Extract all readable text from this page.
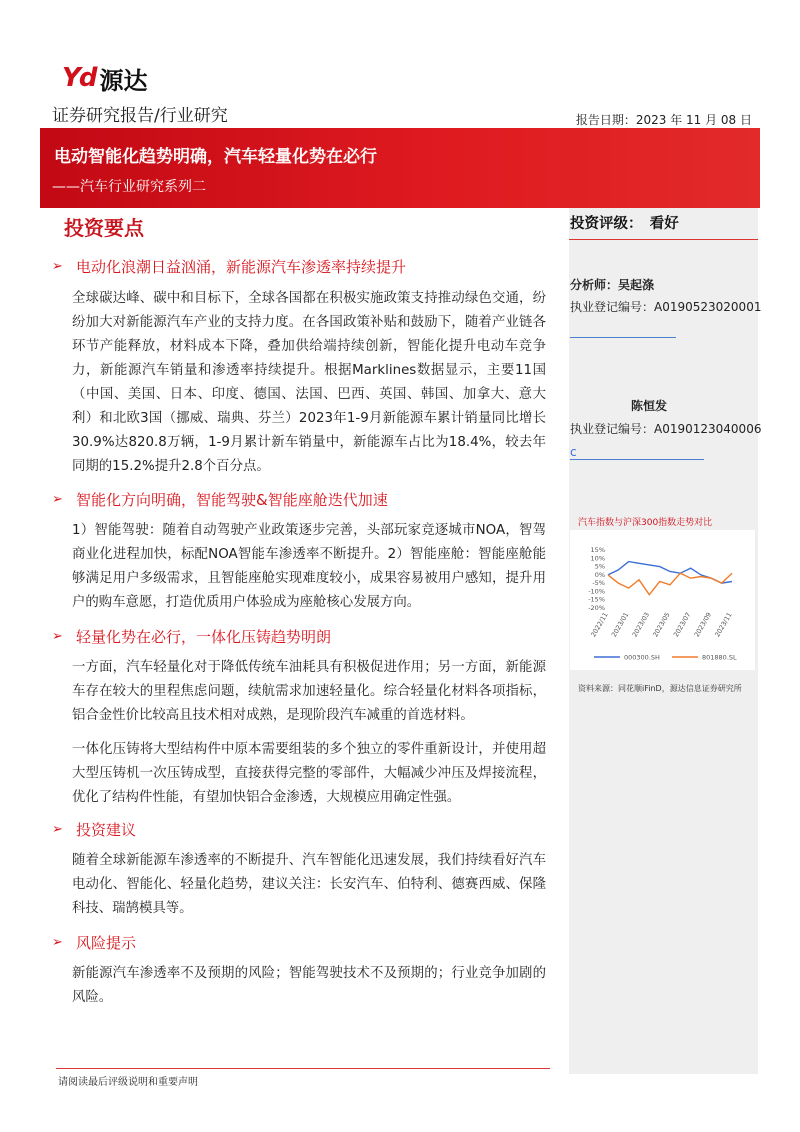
Yd 源达
证券研究报告/行业研究	报告日期：2023 年 11 月 08 日
电动智能化趋势明确，汽车轻量化势在必行
——汽车行业研究系列二
投资要点
➢ 电动化浪潮日益汹涌，新能源汽车渗透率持续提升

全球碳达峰、碳中和目标下，全球各国都在积极实施政策支持推动绿色交通，纷纷加大对新能源汽车产业的支持力度。在各国政策补贴和鼓励下，随着产业链各环节产能释放，材料成本下降，叠加供给端持续创新，智能化提升电动车竞争力，新能源汽车销量和渗透率持续提升。根据Marklines数据显示，主要11国（中国、美国、日本、印度、德国、法国、巴西、英国、韩国、加拿大、意大利）和北欧3国（挪威、瑞典、芬兰）2023年1-9月新能源车累计销量同比增长30.9%达820.8万辆，1-9月累计新车销量中，新能源车占比为18.4%，较去年同期的15.2%提升2.8个百分点。

➢ 智能化方向明确，智能驾驶&智能座舱迭代加速

1）智能驾驶：随着自动驾驶产业政策逐步完善，头部玩家竞逐城市NOA，智驾商业化进程加快，标配NOA智能车渗透率不断提升。2）智能座舱：智能座舱能够满足用户多级需求，且智能座舱实现难度较小，成果容易被用户感知，提升用户的购车意愿，打造优质用户体验成为座舱核心发展方向。

➢ 轻量化势在必行，一体化压铸趋势明朗

一方面，汽车轻量化对于降低传统车油耗具有积极促进作用；另一方面，新能源车存在较大的里程焦虑问题，续航需求加速轻量化。综合轻量化材料各项指标，铝合金性价比较高且技术相对成熟，是现阶段汽车减重的首选材料。

一体化压铸将大型结构件中原本需要组装的多个独立的零件重新设计，并使用超大型压铸机一次压铸成型，直接获得完整的零部件，大幅减少冲压及焊接流程，优化了结构件性能，有望加快铝合金渗透，大规模应用确定性强。

➢ 投资建议

随着全球新能源车渗透率的不断提升、汽车智能化迅速发展，我们持续看好汽车电动化、智能化、轻量化趋势，建议关注：长安汽车、伯特利、德赛西威、保隆科技、瑞鹄模具等。

➢ 风险提示

新能源汽车渗透率不及预期的风险；智能驾驶技术不及预期的；行业竞争加剧的风险。

投资评级：　看好
分析师：吴起涤
执业登记编号：A0190523020001
陈恒发
执业登记编号：A0190123040006
c
汽车指数与沪深300指数走势对比
15%
10%
5%
0%
-5%
-10%
-15%
-20%
2022/11 2023/01 2023/03 2023/05 2023/07 2023/09 2023/11
000300.SH	801880.SL
资料来源：同花顺iFinD，源达信息证券研究所
请阅读最后评级说明和重要声明
